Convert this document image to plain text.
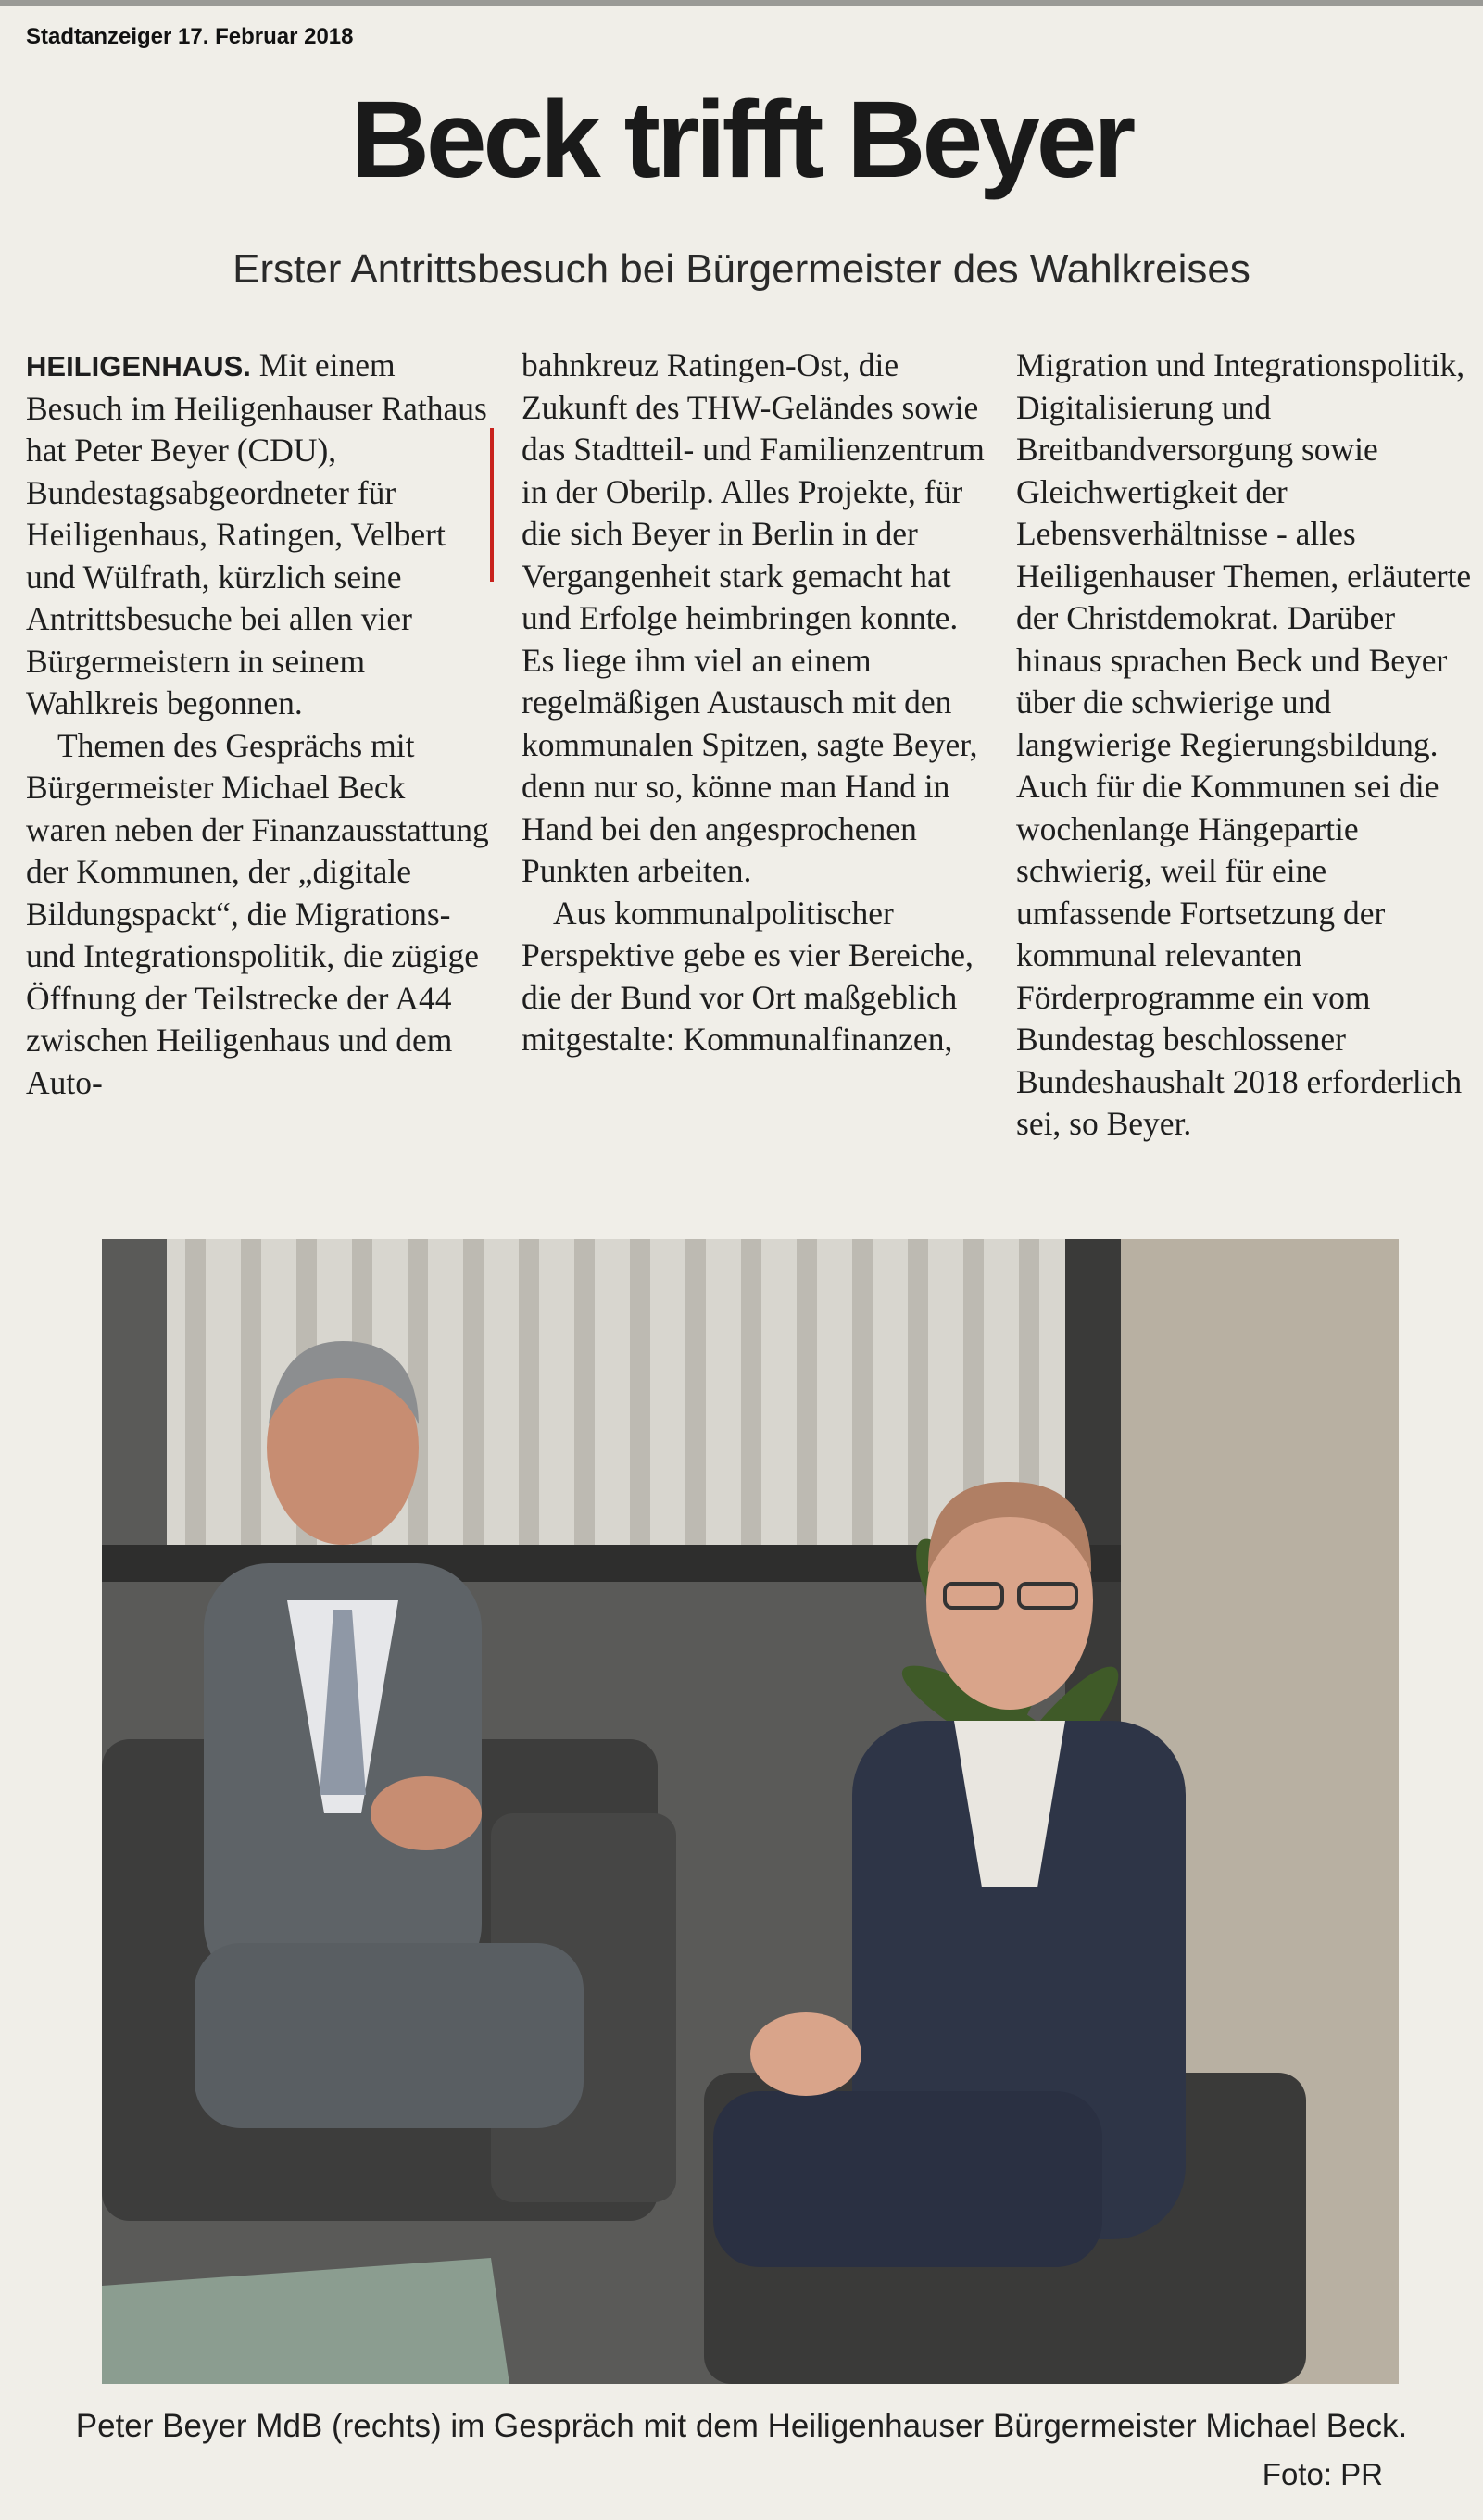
Stadtanzeiger 17. Februar 2018
Beck trifft Beyer
Erster Antrittsbesuch bei Bürgermeister des Wahlkreises

HEILIGENHAUS. Mit einem Besuch im Heiligenhauser Rathaus hat Peter Beyer (CDU), Bundestagsabgeordneter für Heiligenhaus, Ratingen, Velbert und Wülfrath, kürzlich seine Antrittsbesuche bei allen vier Bürgermeistern in seinem Wahlkreis begonnen.

Themen des Gesprächs mit Bürgermeister Michael Beck waren neben der Finanzausstattung der Kommunen, der „digitale Bildungspackt“, die Migrations- und Integrationspolitik, die zügige Öffnung der Teilstrecke der A44 zwischen Heiligenhaus und dem Auto-

bahnkreuz Ratingen-Ost, die Zukunft des THW-Geländes sowie das Stadtteil- und Familienzentrum in der Oberilp. Alles Projekte, für die sich Beyer in Berlin in der Vergangenheit stark gemacht hat und Erfolge heimbringen konnte. Es liege ihm viel an einem regelmäßigen Austausch mit den kommunalen Spitzen, sagte Beyer, denn nur so, könne man Hand in Hand bei den angesprochenen Punkten arbeiten.

Aus kommunalpolitischer Perspektive gebe es vier Bereiche, die der Bund vor Ort maßgeblich mitgestalte: Kommunalfinanzen,

Migration und Integrationspolitik, Digitalisierung und Breitbandversorgung sowie Gleichwertigkeit der Lebensverhältnisse - alles Heiligenhauser Themen, erläuterte der Christdemokrat. Darüber hinaus sprachen Beck und Beyer über die schwierige und langwierige Regierungsbildung. Auch für die Kommunen sei die wochenlange Hängepartie schwierig, weil für eine umfassende Fortsetzung der kommunal relevanten Förderprogramme ein vom Bundestag beschlossener Bundeshaushalt 2018 erforderlich sei, so Beyer.

Peter Beyer MdB (rechts) im Gespräch mit dem Heiligenhauser Bürgermeister Michael Beck.
Foto: PR
